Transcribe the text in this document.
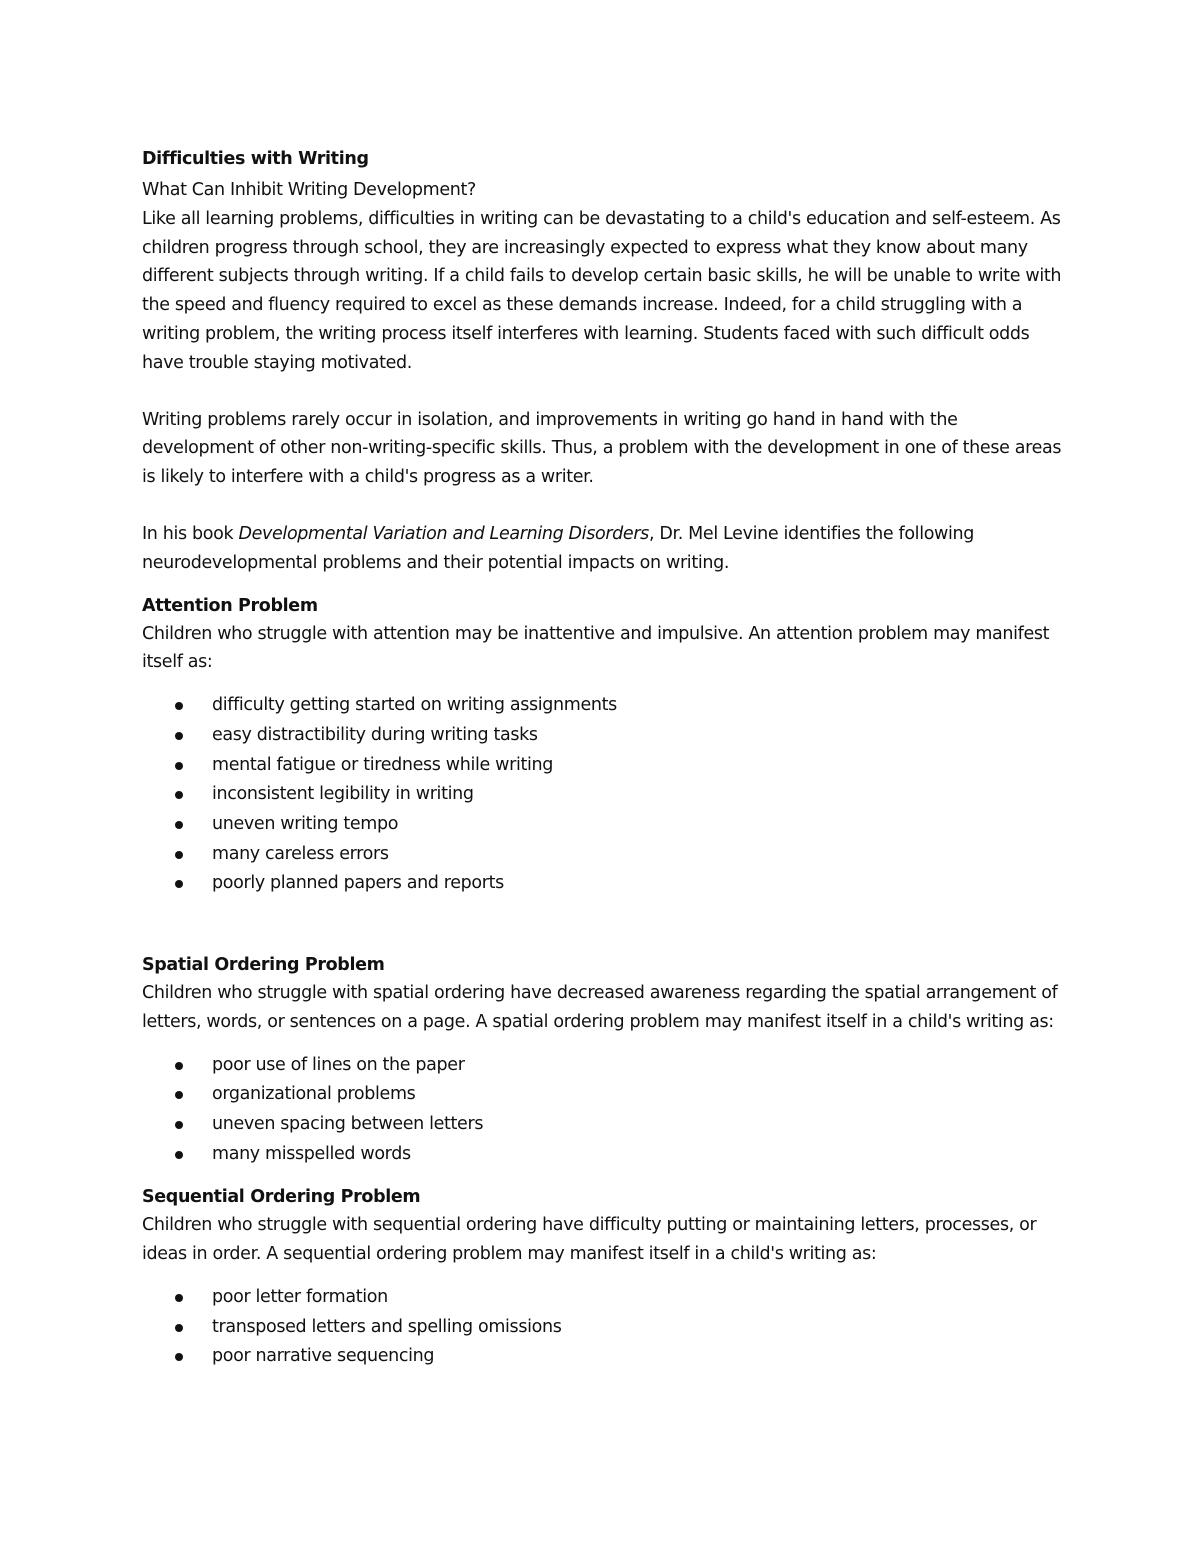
Difficulties with Writing

What Can Inhibit Writing Development?

Like all learning problems, difficulties in writing can be devastating to a child's education and self-esteem. As children progress through school, they are increasingly expected to express what they know about many different subjects through writing. If a child fails to develop certain basic skills, he will be unable to write with the speed and fluency required to excel as these demands increase. Indeed, for a child struggling with a writing problem, the writing process itself interferes with learning. Students faced with such difficult odds have trouble staying motivated.

Writing problems rarely occur in isolation, and improvements in writing go hand in hand with the development of other non-writing-specific skills. Thus, a problem with the development in one of these areas is likely to interfere with a child's progress as a writer.

In his book Developmental Variation and Learning Disorders, Dr. Mel Levine identifies the following neurodevelopmental problems and their potential impacts on writing.

Attention Problem

Children who struggle with attention may be inattentive and impulsive. An attention problem may manifest itself as:

difficulty getting started on writing assignments
easy distractibility during writing tasks
mental fatigue or tiredness while writing
inconsistent legibility in writing
uneven writing tempo
many careless errors
poorly planned papers and reports

Spatial Ordering Problem

Children who struggle with spatial ordering have decreased awareness regarding the spatial arrangement of letters, words, or sentences on a page. A spatial ordering problem may manifest itself in a child's writing as:

poor use of lines on the paper
organizational problems
uneven spacing between letters
many misspelled words

Sequential Ordering Problem

Children who struggle with sequential ordering have difficulty putting or maintaining letters, processes, or ideas in order. A sequential ordering problem may manifest itself in a child's writing as:

poor letter formation
transposed letters and spelling omissions
poor narrative sequencing
